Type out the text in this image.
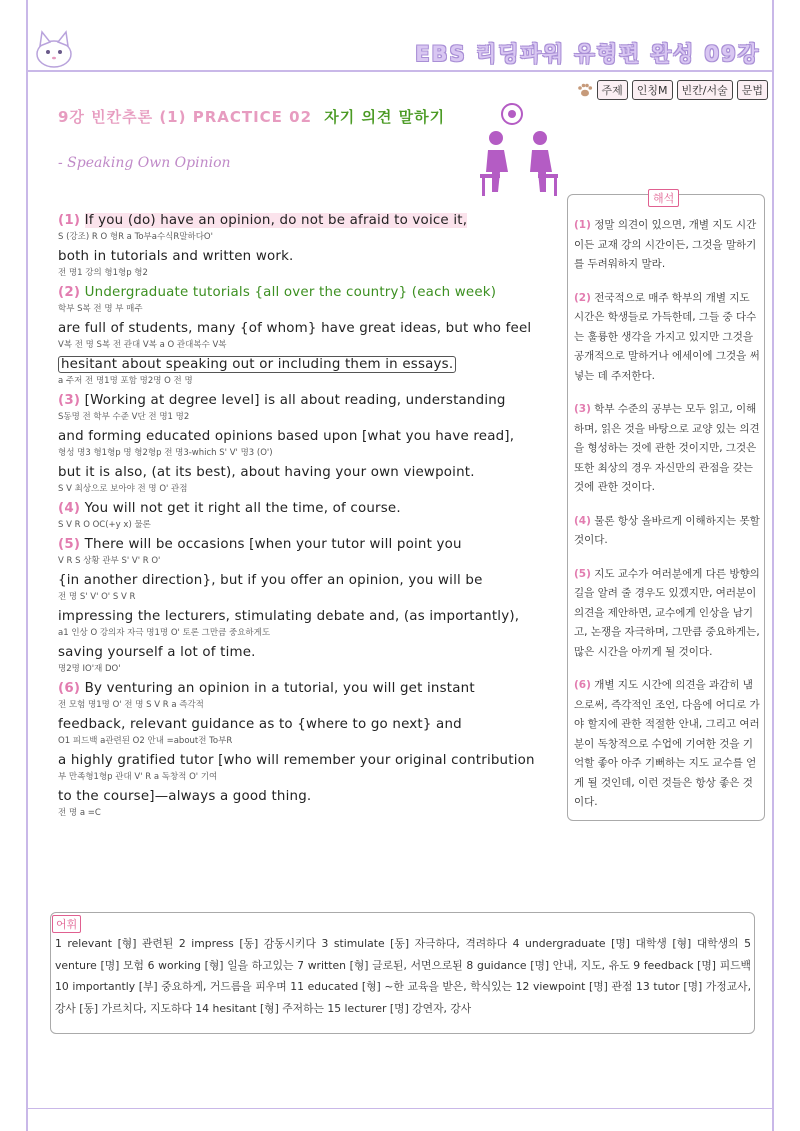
EBS 리딩파워 유형편 완성 09강
주제	인칭M	빈칸/서술	문법
9강 빈칸추론 (1) PRACTICE 02 자기 의견 말하기
- Speaking Own Opinion
(1) If you (do) have an opinion, do not be afraid to voice it,
S (강조) R O 형R a To부a수식R말하다O'
both in tutorials and written work.
전 명1 강의 형1형p 형2
(2) Undergraduate tutorials {all over the country} (each week)
학부 S복 전 명 부 매주
are full of students, many {of whom} have great ideas, but who feel
V복 전 명 S복 전 관대 V복 a O 관대복수 V복
hesitant about speaking out or including them in essays.
a 주저 전 명1명 포함 명2명 O 전 명
(3) [Working at degree level] is all about reading, understanding
S동명 전 학부 수준 V단 전 명1 명2
and forming educated opinions based upon [what you have read],
형성 명3 형1형p 명 형2형p 전 명3-which S' V' 명3 (O')
but it is also, (at its best), about having your own viewpoint.
S V 최상으로 보아야 전 명 O' 관점
(4) You will not get it right all the time, of course.
S V R O OC(+y x) 물론
(5) There will be occasions [when your tutor will point you
V R S 상황 관부 S' V' R O'
{in another direction}, but if you offer an opinion, you will be
전 명 S' V' O' S V R
impressing the lecturers, stimulating debate and, (as importantly),
a1 인상 O 강의자 자극 명1명 O' 토론 그만큼 중요하게도
saving yourself a lot of time.
명2명 IO'재 DO'
(6) By venturing an opinion in a tutorial, you will get instant
전 모험 명1명 O' 전 명 S V R a 즉각적
feedback, relevant guidance as to {where to go next} and
O1 피드백 a관련된 O2 안내 =about전 To부R
a highly gratified tutor [who will remember your original contribution
부 만족형1형p 관대 V' R a 독창적 O' 기여
to the course]—always a good thing.
전 명 a =C
해석

(1) 정말 의견이 있으면, 개별 지도 시간이든 교재 강의 시간이든, 그것을 말하기를 두려워하지 말라.

(2) 전국적으로 매주 학부의 개별 지도 시간은 학생들로 가득한데, 그들 중 다수는 훌륭한 생각을 가지고 있지만 그것을 공개적으로 말하거나 에세이에 그것을 써넣는 데 주저한다.

(3) 학부 수준의 공부는 모두 읽고, 이해하며, 읽은 것을 바탕으로 교양 있는 의견을 형성하는 것에 관한 것이지만, 그것은 또한 최상의 경우 자신만의 관점을 갖는 것에 관한 것이다.

(4) 물론 항상 올바르게 이해하지는 못할 것이다.

(5) 지도 교수가 여러분에게 다른 방향의 길을 알려 줄 경우도 있겠지만, 여러분이 의견을 제안하면, 교수에게 인상을 남기고, 논쟁을 자극하며, 그만큼 중요하게는, 많은 시간을 아끼게 될 것이다.

(6) 개별 지도 시간에 의견을 과감히 냄으로써, 즉각적인 조언, 다음에 어디로 가야 할지에 관한 적절한 안내, 그리고 여러분이 독창적으로 수업에 기여한 것을 기억할 좋아 아주 기뻐하는 지도 교수를 얻게 될 것인데, 이런 것들은 항상 좋은 것이다.

어휘
1 relevant [형] 관련된 2 impress [동] 감동시키다 3 stimulate [동] 자극하다, 격려하다 4 undergraduate [명] 대학생 [형] 대학생의 5 venture [명] 모험 6 working [형] 일을 하고있는 7 written [형] 글로된, 서면으로된 8 guidance [명] 안내, 지도, 유도 9 feedback [명] 피드백 10 importantly [부] 중요하게, 거드름을 피우며 11 educated [형] ~한 교육을 받은, 학식있는 12 viewpoint [명] 관점 13 tutor [명] 가정교사, 강사 [동] 가르치다, 지도하다 14 hesitant [형] 주저하는 15 lecturer [명] 강연자, 강사
